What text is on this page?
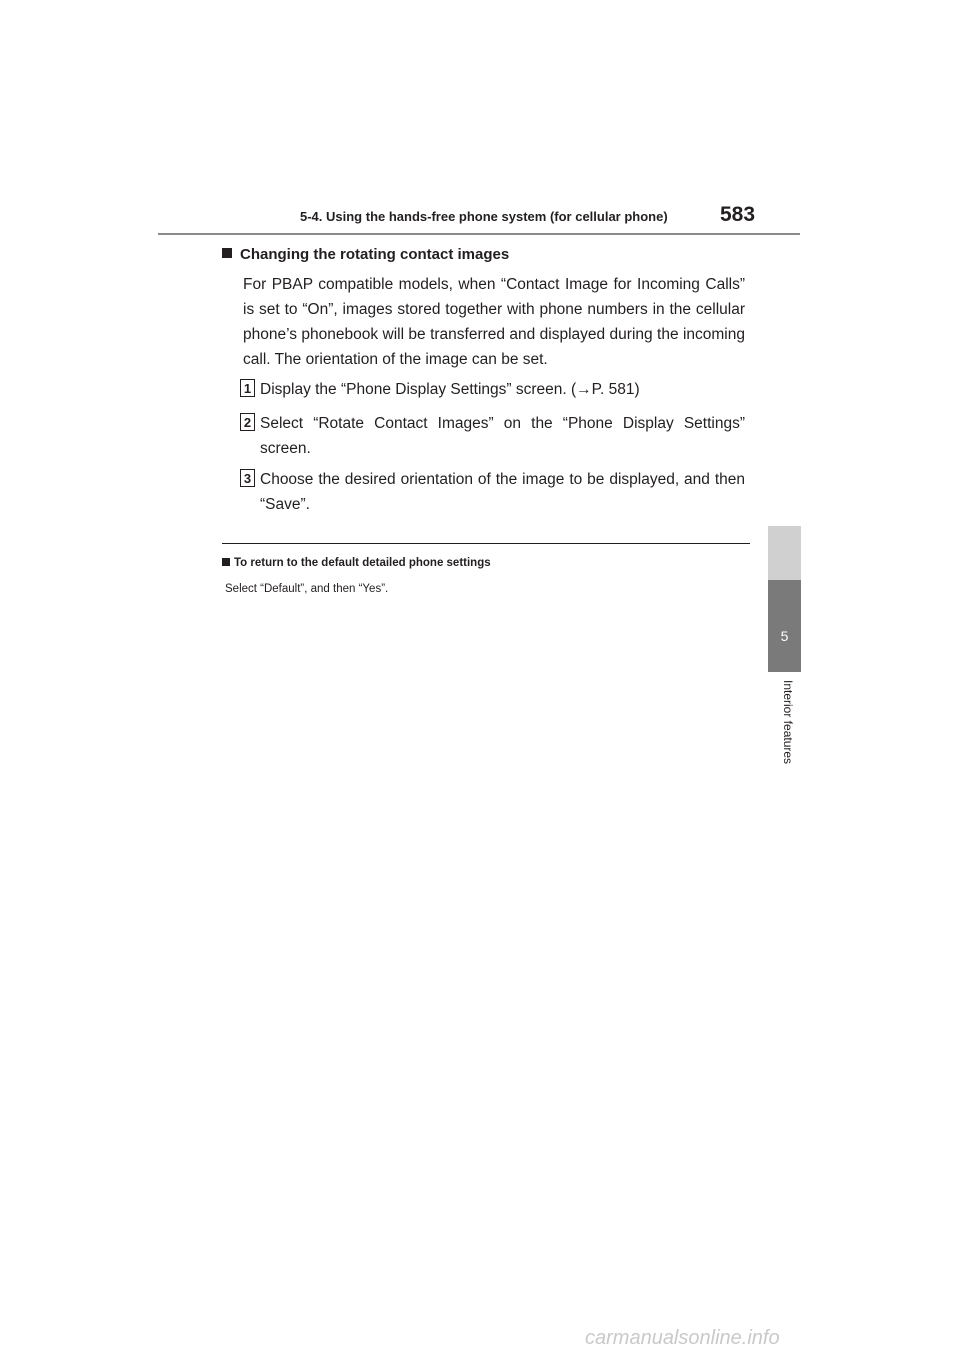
5-4. Using the hands-free phone system (for cellular phone) 583
5
Interior features
Changing the rotating contact images
For PBAP compatible models, when “Contact Image for Incoming Calls” is set to “On”, images stored together with phone numbers in the cellular phone’s phonebook will be transferred and displayed during the incoming call. The orientation of the image can be set.
1 Display the “Phone Display Settings” screen. (→P. 581)
2 Select “Rotate Contact Images” on the “Phone Display Settings” screen.
3 Choose the desired orientation of the image to be displayed, and then “Save”.
To return to the default detailed phone settings
Select “Default”, and then “Yes”.
carmanualsonline.info
